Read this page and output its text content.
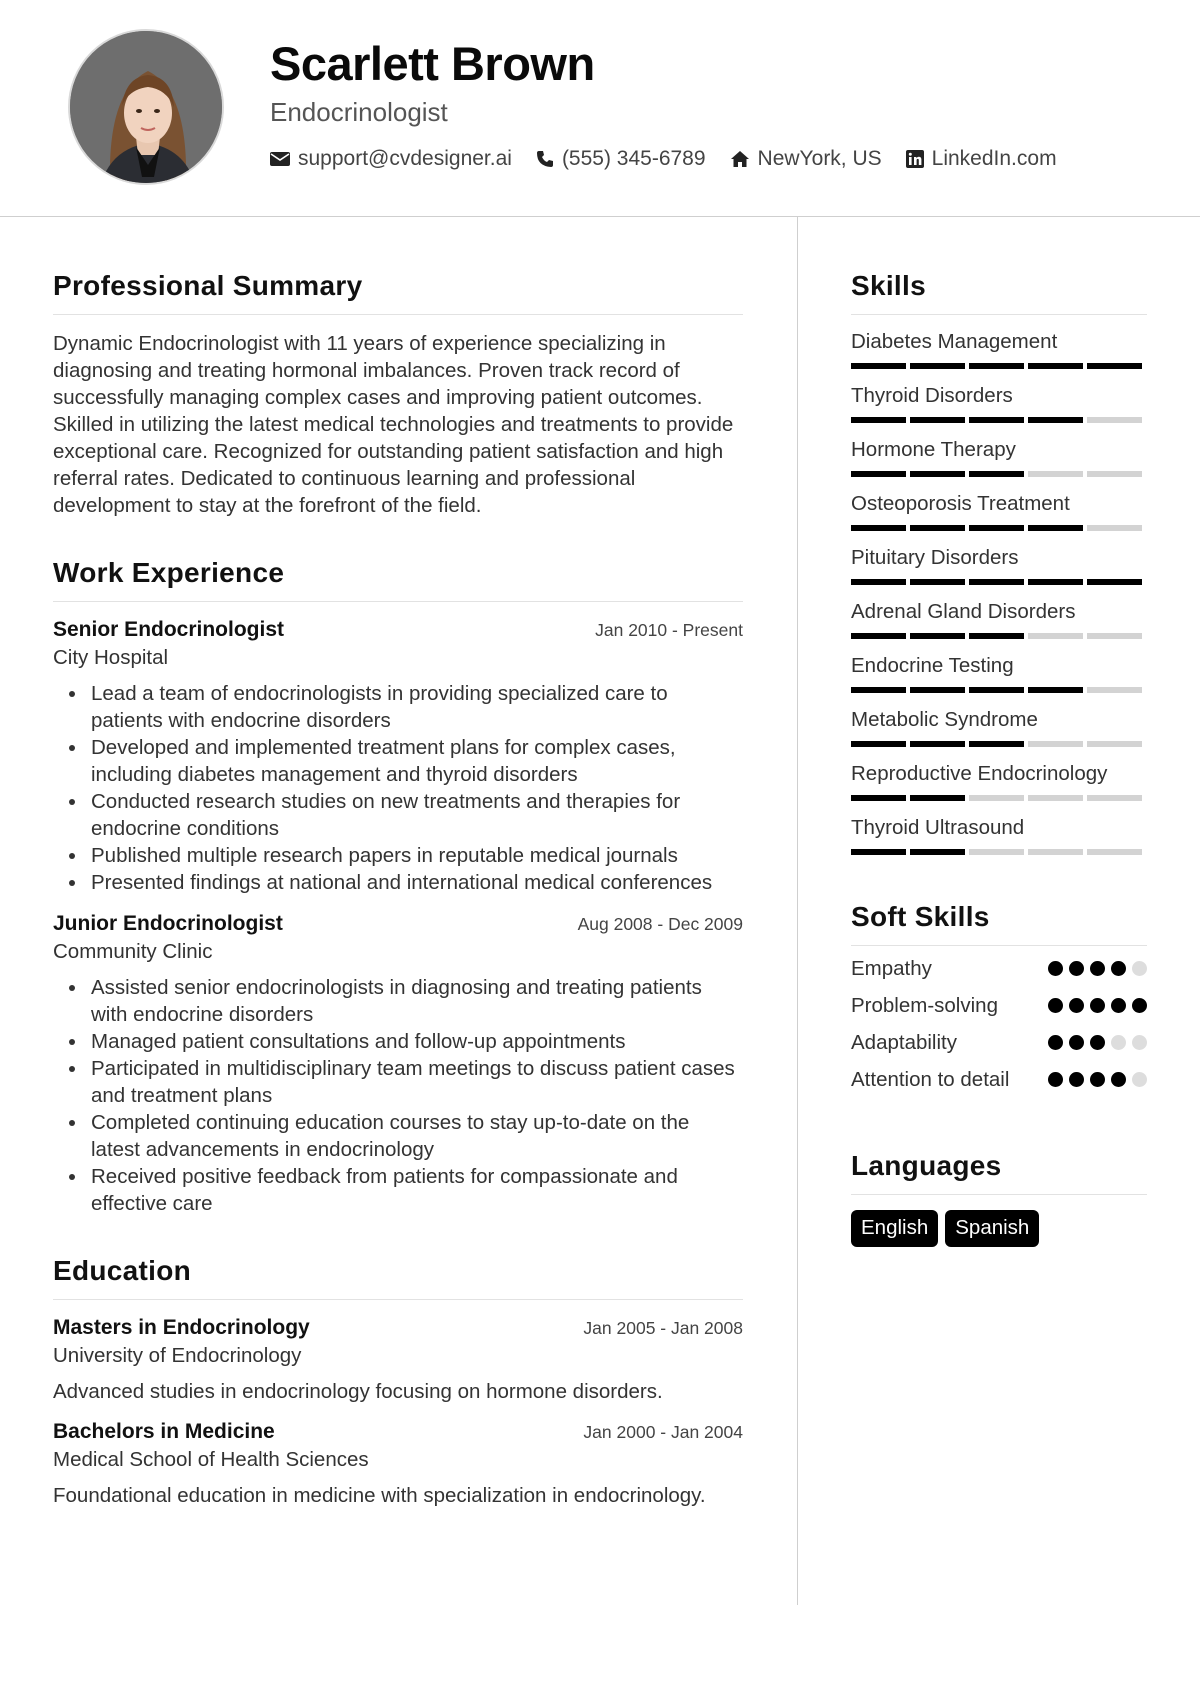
Scarlett Brown
Endocrinologist
support@cvdesigner.ai (555) 345-6789 NewYork, US LinkedIn.com
Professional Summary
Dynamic Endocrinologist with 11 years of experience specializing in diagnosing and treating hormonal imbalances. Proven track record of successfully managing complex cases and improving patient outcomes. Skilled in utilizing the latest medical technologies and treatments to provide exceptional care. Recognized for outstanding patient satisfaction and high referral rates. Dedicated to continuous learning and professional development to stay at the forefront of the field.
Work Experience
Senior Endocrinologist	Jan 2010 - Present
City Hospital
Lead a team of endocrinologists in providing specialized care to patients with endocrine disorders
Developed and implemented treatment plans for complex cases, including diabetes management and thyroid disorders
Conducted research studies on new treatments and therapies for endocrine conditions
Published multiple research papers in reputable medical journals
Presented findings at national and international medical conferences
Junior Endocrinologist	Aug 2008 - Dec 2009
Community Clinic
Assisted senior endocrinologists in diagnosing and treating patients with endocrine disorders
Managed patient consultations and follow-up appointments
Participated in multidisciplinary team meetings to discuss patient cases and treatment plans
Completed continuing education courses to stay up-to-date on the latest advancements in endocrinology
Received positive feedback from patients for compassionate and effective care
Education
Masters in Endocrinology	Jan 2005 - Jan 2008
University of Endocrinology
Advanced studies in endocrinology focusing on hormone disorders.
Bachelors in Medicine	Jan 2000 - Jan 2004
Medical School of Health Sciences
Foundational education in medicine with specialization in endocrinology.
Skills
Diabetes Management
Thyroid Disorders
Hormone Therapy
Osteoporosis Treatment
Pituitary Disorders
Adrenal Gland Disorders
Endocrine Testing
Metabolic Syndrome
Reproductive Endocrinology
Thyroid Ultrasound
Soft Skills
Empathy
Problem-solving
Adaptability
Attention to detail
Languages
English	Spanish
